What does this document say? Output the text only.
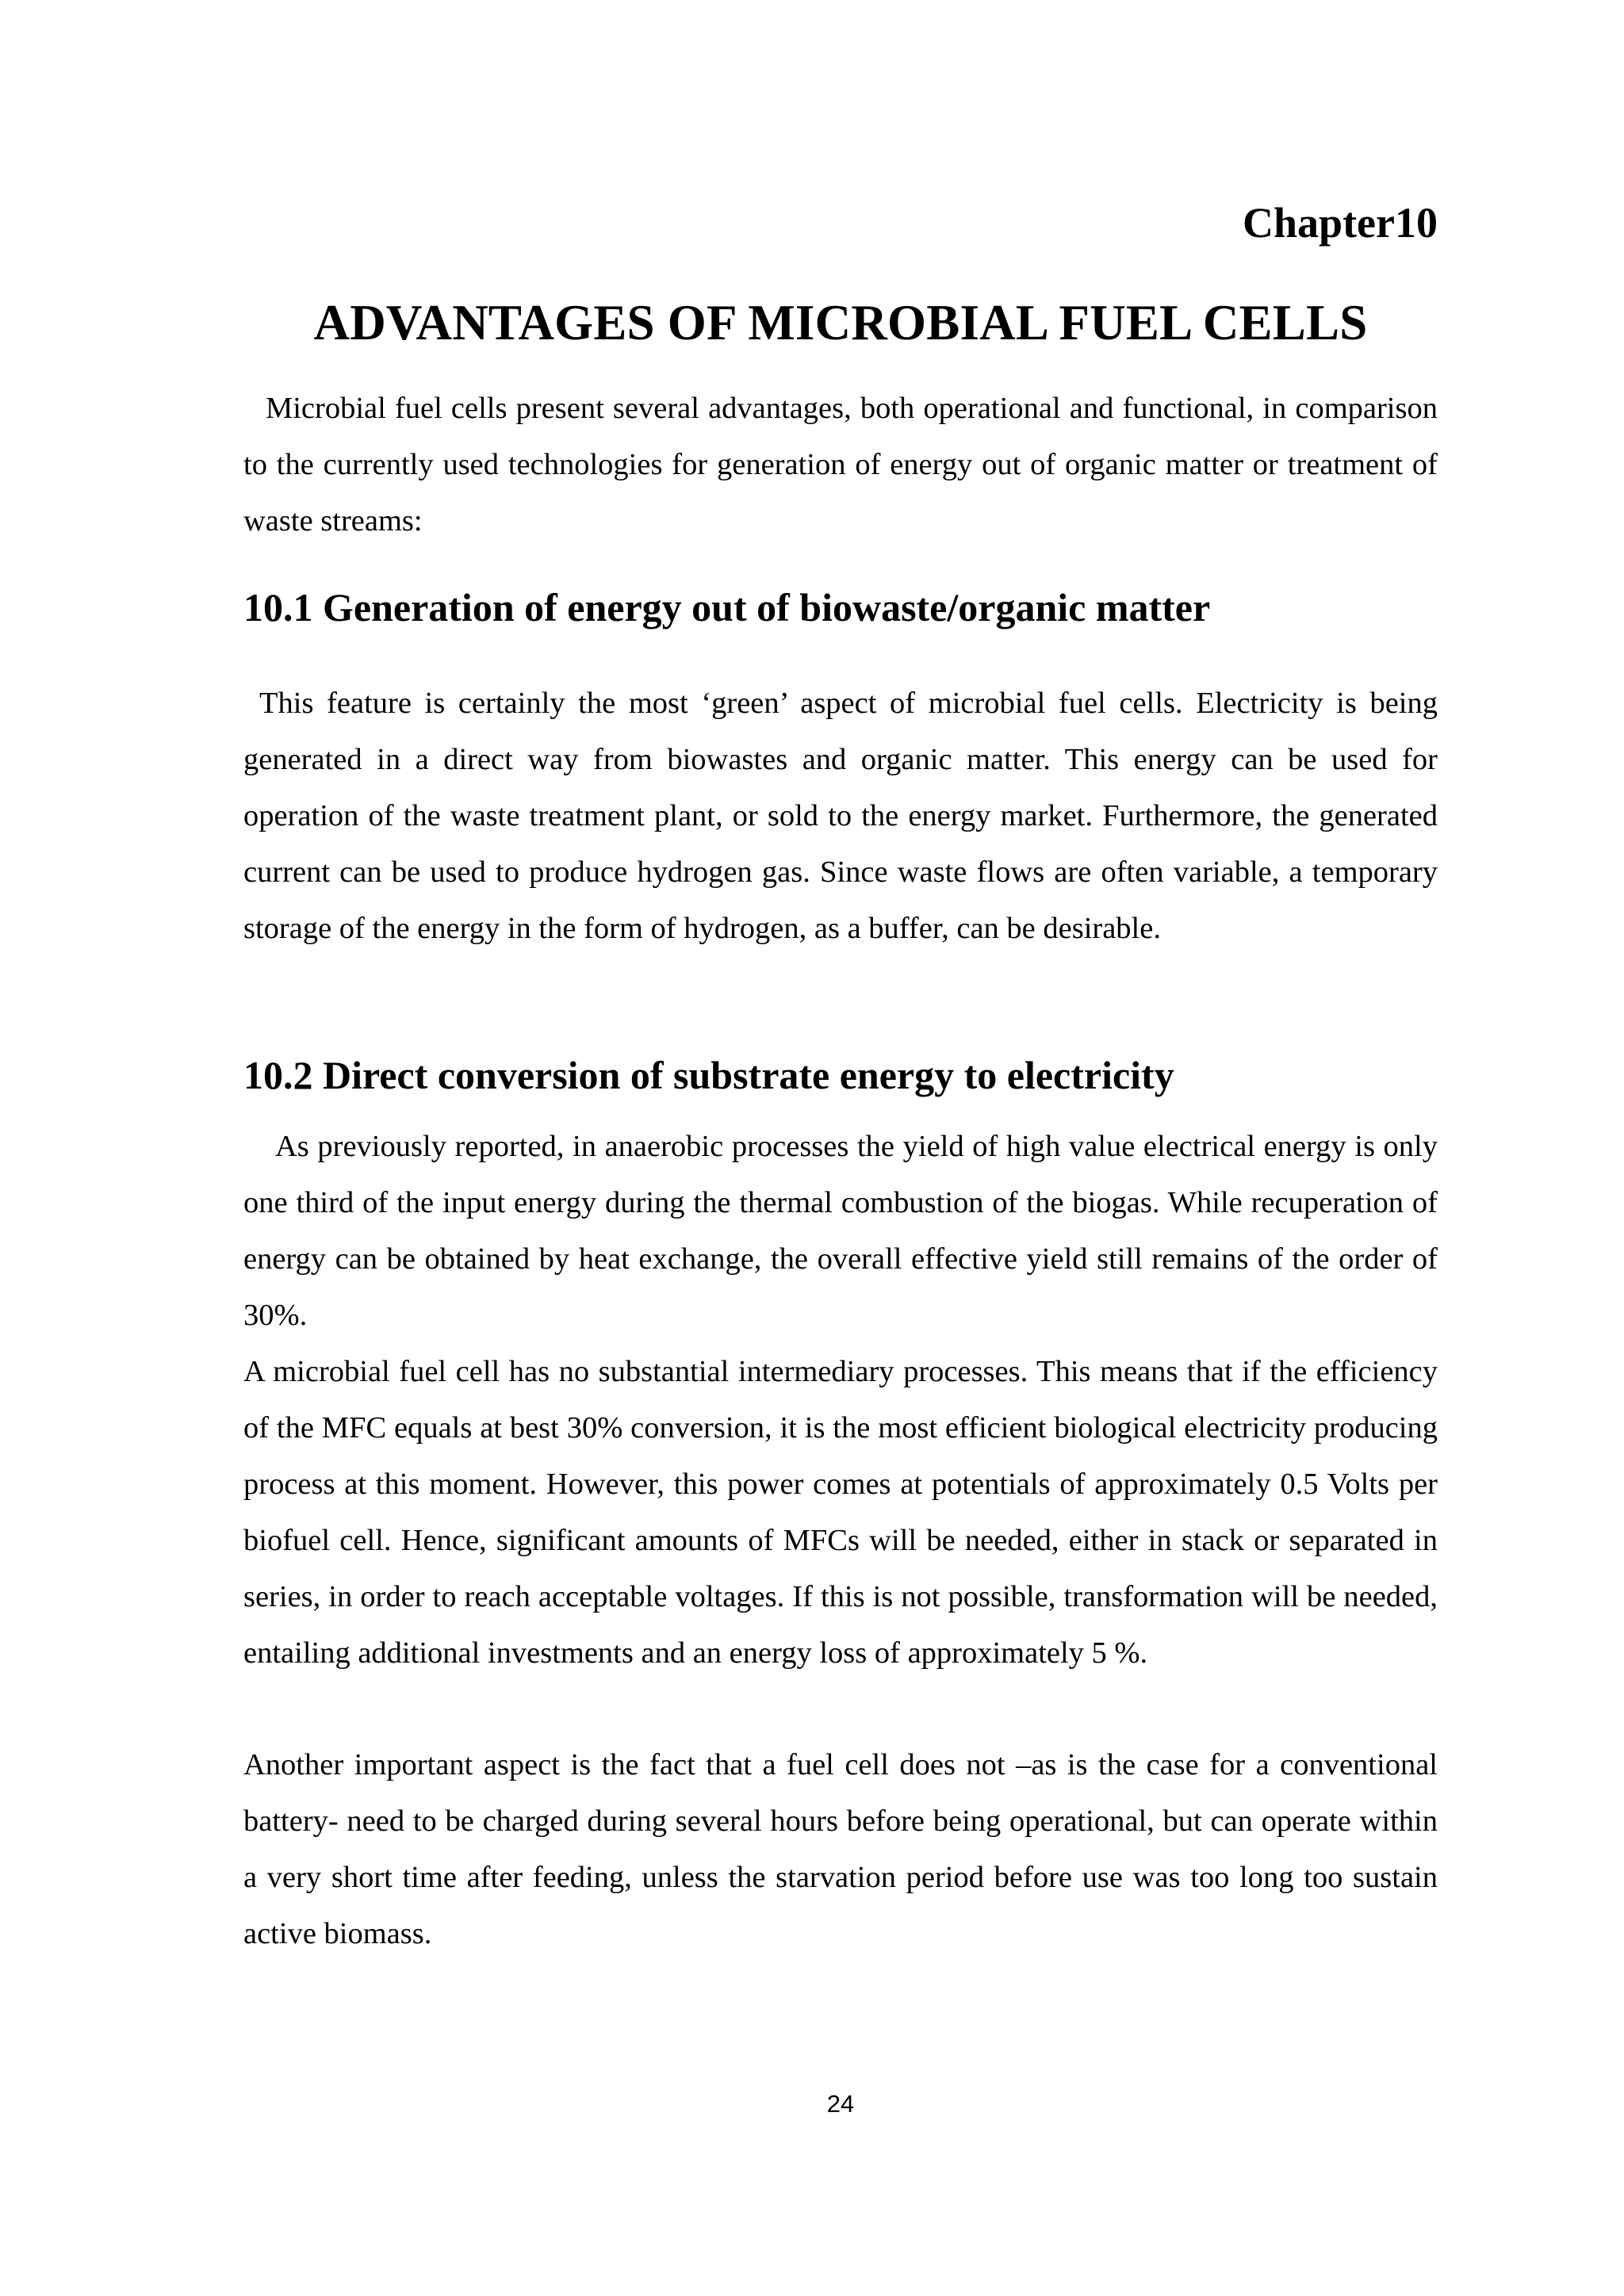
Chapter10
ADVANTAGES OF MICROBIAL FUEL CELLS

Microbial fuel cells present several advantages, both operational and functional, in comparison to the currently used technologies for generation of energy out of organic matter or treatment of waste streams:

10.1 Generation of energy out of biowaste/organic matter

This feature is certainly the most ‘green’ aspect of microbial fuel cells. Electricity is being generated in a direct way from biowastes and organic matter. This energy can be used for operation of the waste treatment plant, or sold to the energy market. Furthermore, the generated current can be used to produce hydrogen gas. Since waste flows are often variable, a temporary storage of the energy in the form of hydrogen, as a buffer, can be desirable.

10.2 Direct conversion of substrate energy to electricity

As previously reported, in anaerobic processes the yield of high value electrical energy is only one third of the input energy during the thermal combustion of the biogas. While recuperation of energy can be obtained by heat exchange, the overall effective yield still remains of the order of 30%.

A microbial fuel cell has no substantial intermediary processes. This means that if the efficiency of the MFC equals at best 30% conversion, it is the most efficient biological electricity producing process at this moment. However, this power comes at potentials of approximately 0.5 Volts per biofuel cell. Hence, significant amounts of MFCs will be needed, either in stack or separated in series, in order to reach acceptable voltages. If this is not possible, transformation will be needed, entailing additional investments and an energy loss of approximately 5 %.

Another important aspect is the fact that a fuel cell does not –as is the case for a conventional battery- need to be charged during several hours before being operational, but can operate within a very short time after feeding, unless the starvation period before use was too long too sustain active biomass.

24
